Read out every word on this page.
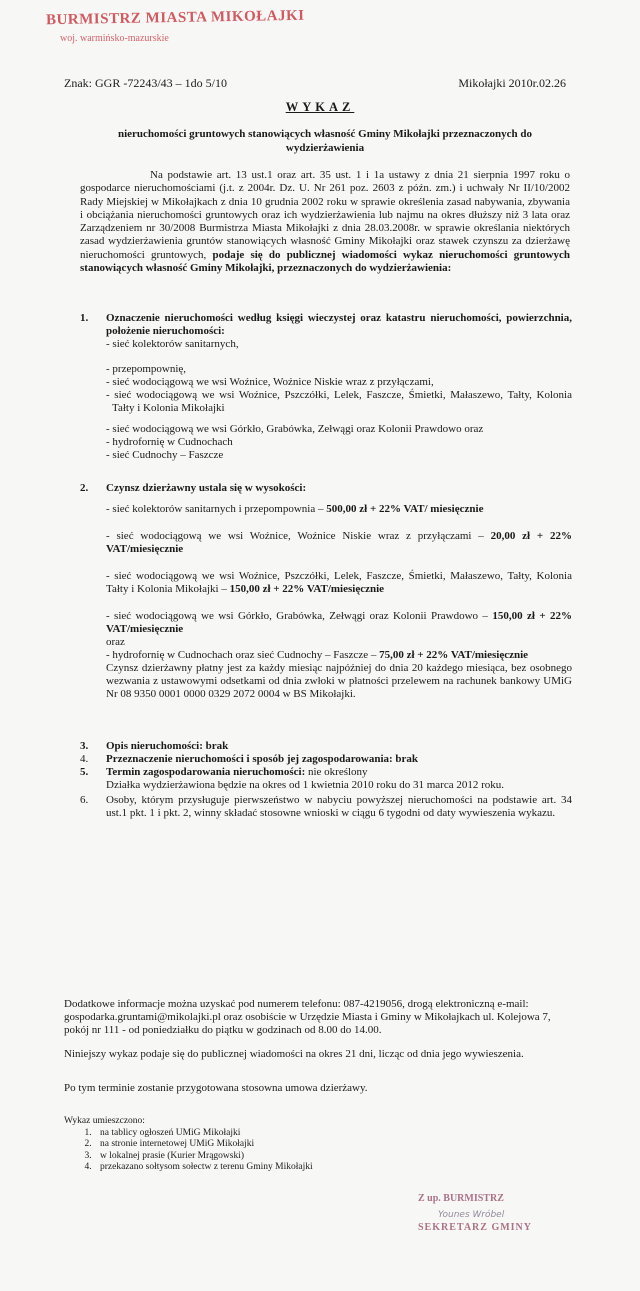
BURMISTRZ MIASTA MIKOŁAJKI
woj. warmińsko-mazurskie
Znak: GGR -72243/43 – 1do 5/10	Mikołajki 2010r.02.26
WYKAZ
nieruchomości gruntowych stanowiących własność Gminy Mikołajki przeznaczonych do wydzierżawienia
Na podstawie art. 13 ust.1 oraz art. 35 ust. 1 i 1a ustawy z dnia 21 sierpnia 1997 roku o gospodarce nieruchomościami (j.t. z 2004r. Dz. U. Nr 261 poz. 2603 z późn. zm.) i uchwały Nr II/10/2002 Rady Miejskiej w Mikołajkach z dnia 10 grudnia 2002 roku w sprawie określenia zasad nabywania, zbywania i obciążania nieruchomości gruntowych oraz ich wydzierżawienia lub najmu na okres dłuższy niż 3 lata oraz Zarządzeniem nr 30/2008 Burmistrza Miasta Mikołajki z dnia 28.03.2008r. w sprawie określania niektórych zasad wydzierżawienia gruntów stanowiących własność Gminy Mikołajki oraz stawek czynszu za dzierżawę nieruchomości gruntowych, podaje się do publicznej wiadomości wykaz nieruchomości gruntowych stanowiących własność Gminy Mikołajki, przeznaczonych do wydzierżawienia:
1. Oznaczenie nieruchomości według księgi wieczystej oraz katastru nieruchomości, powierzchnia, położenie nieruchomości:

- sieć kolektorów sanitarnych,

- przepompownię,

- sieć wodociągową we wsi Woźnice, Woźnice Niskie wraz z przyłączami,

- sieć wodociągową we wsi Woźnice, Pszczółki, Lelek, Faszcze, Śmietki, Małaszewo, Tałty, Kolonia Tałty i Kolonia Mikołajki

- sieć wodociągową we wsi Górkło, Grabówka, Zełwągi oraz Kolonii Prawdowo oraz

- hydrofornię w Cudnochach

- sieć Cudnochy – Faszcze

2. Czynsz dzierżawny ustala się w wysokości:

- sieć kolektorów sanitarnych i przepompownia – 500,00 zł + 22% VAT/ miesięcznie

- sieć wodociągową we wsi Woźnice, Woźnice Niskie wraz z przyłączami – 20,00 zł + 22% VAT/miesięcznie

- sieć wodociągową we wsi Woźnice, Pszczółki, Lelek, Faszcze, Śmietki, Małaszewo, Tałty, Kolonia Tałty i Kolonia Mikołajki – 150,00 zł + 22% VAT/miesięcznie

- sieć wodociągową we wsi Górkło, Grabówka, Zełwągi oraz Kolonii Prawdowo – 150,00 zł + 22% VAT/miesięcznie

oraz

- hydrofornię w Cudnochach oraz sieć Cudnochy – Faszcze – 75,00 zł + 22% VAT/miesięcznie

Czynsz dzierżawny płatny jest za każdy miesiąc najpóźniej do dnia 20 każdego miesiąca, bez osobnego wezwania z ustawowymi odsetkami od dnia zwłoki w płatności przelewem na rachunek bankowy UMiG Nr 08 9350 0001 0000 0329 2072 0004 w BS Mikołajki.

3. Opis nieruchomości: brak

4. Przeznaczenie nieruchomości i sposób jej zagospodarowania: brak

5. Termin zagospodarowania nieruchomości: nie określony

Działka wydzierżawiona będzie na okres od 1 kwietnia 2010 roku do 31 marca 2012 roku.

6. Osoby, którym przysługuje pierwszeństwo w nabyciu powyższej nieruchomości na podstawie art. 34 ust.1 pkt. 1 i pkt. 2, winny składać stosowne wnioski w ciągu 6 tygodni od daty wywieszenia wykazu.

Dodatkowe informacje można uzyskać pod numerem telefonu: 087-4219056, drogą elektroniczną e-mail: gospodarka.gruntami@mikolajki.pl oraz osobiście w Urzędzie Miasta i Gminy w Mikołajkach ul. Kolejowa 7, pokój nr 111 - od poniedziałku do piątku w godzinach od 8.00 do 14.00.

Niniejszy wykaz podaje się do publicznej wiadomości na okres 21 dni, licząc od dnia jego wywieszenia.

Po tym terminie zostanie przygotowana stosowna umowa dzierżawy.

Wykaz umieszczono:
1. na tablicy ogłoszeń UMiG Mikołajki
2. na stronie internetowej UMiG Mikołajki
3. w lokalnej prasie (Kurier Mrągowski)
4. przekazano sołtysom sołectw z terenu Gminy Mikołajki
Z up. BURMISTRZ
Younes Wróbel
SEKRETARZ GMINY
